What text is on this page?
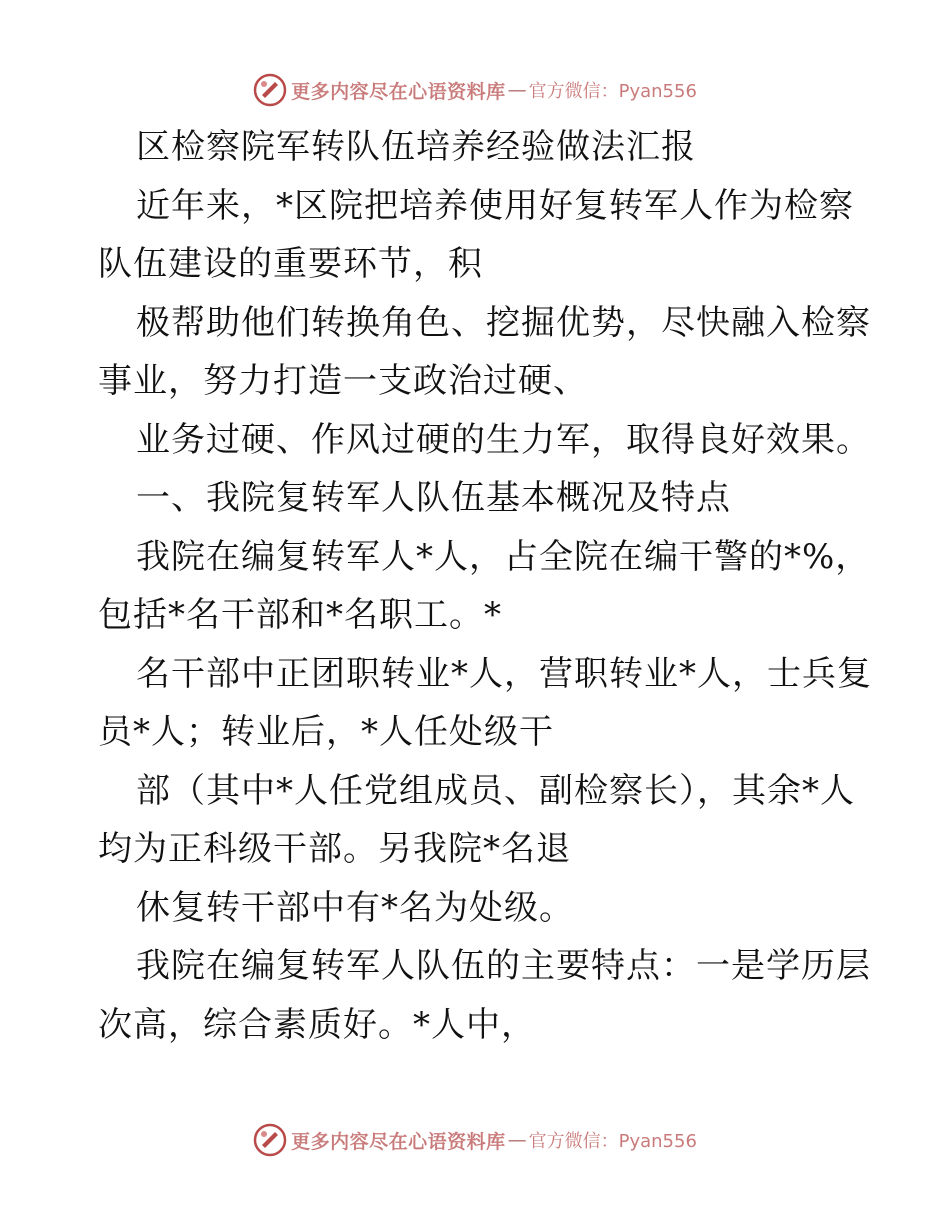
更多内容尽在心语资料库 — 官方微信：Pyan556
区检察院军转队伍培养经验做法汇报
近年来，*区院把培养使用好复转军人作为检察
队伍建设的重要环节，积
极帮助他们转换角色、挖掘优势，尽快融入检察
事业，努力打造一支政治过硬、
业务过硬、作风过硬的生力军，取得良好效果。
一、我院复转军人队伍基本概况及特点
我院在编复转军人*人，占全院在编干警的*%，
包括*名干部和*名职工。*
名干部中正团职转业*人，营职转业*人，士兵复
员*人；转业后，*人任处级干
部（其中*人任党组成员、副检察长），其余*人
均为正科级干部。另我院*名退
休复转干部中有*名为处级。
我院在编复转军人队伍的主要特点：一是学历层
次高，综合素质好。*人中，
更多内容尽在心语资料库 — 官方微信：Pyan556
